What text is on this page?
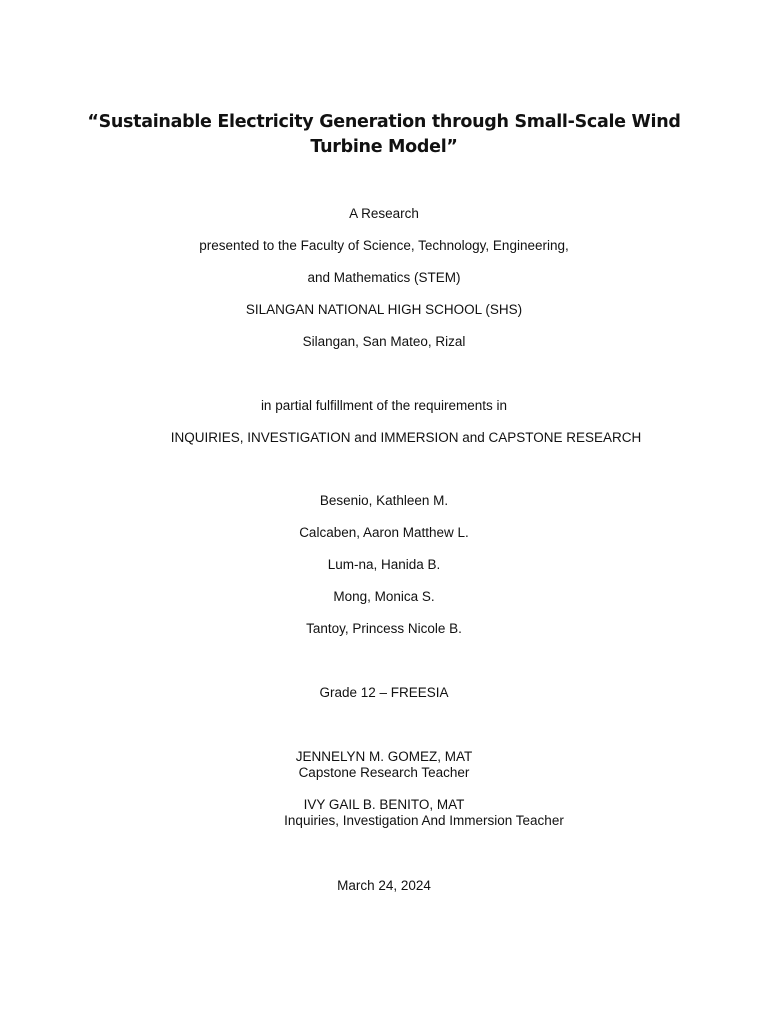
“Sustainable Electricity Generation through Small-Scale Wind Turbine Model”
A Research
presented to the Faculty of Science, Technology, Engineering,
and Mathematics (STEM)
SILANGAN NATIONAL HIGH SCHOOL (SHS)
Silangan, San Mateo, Rizal
in partial fulfillment of the requirements in
INQUIRIES, INVESTIGATION and IMMERSION and CAPSTONE RESEARCH
Besenio, Kathleen M.
Calcaben, Aaron Matthew L.
Lum-na, Hanida B.
Mong, Monica S.
Tantoy, Princess Nicole B.
Grade 12 – FREESIA
JENNELYN M. GOMEZ, MAT
Capstone Research Teacher
IVY GAIL B. BENITO, MAT
Inquiries, Investigation And Immersion Teacher
March 24, 2024
